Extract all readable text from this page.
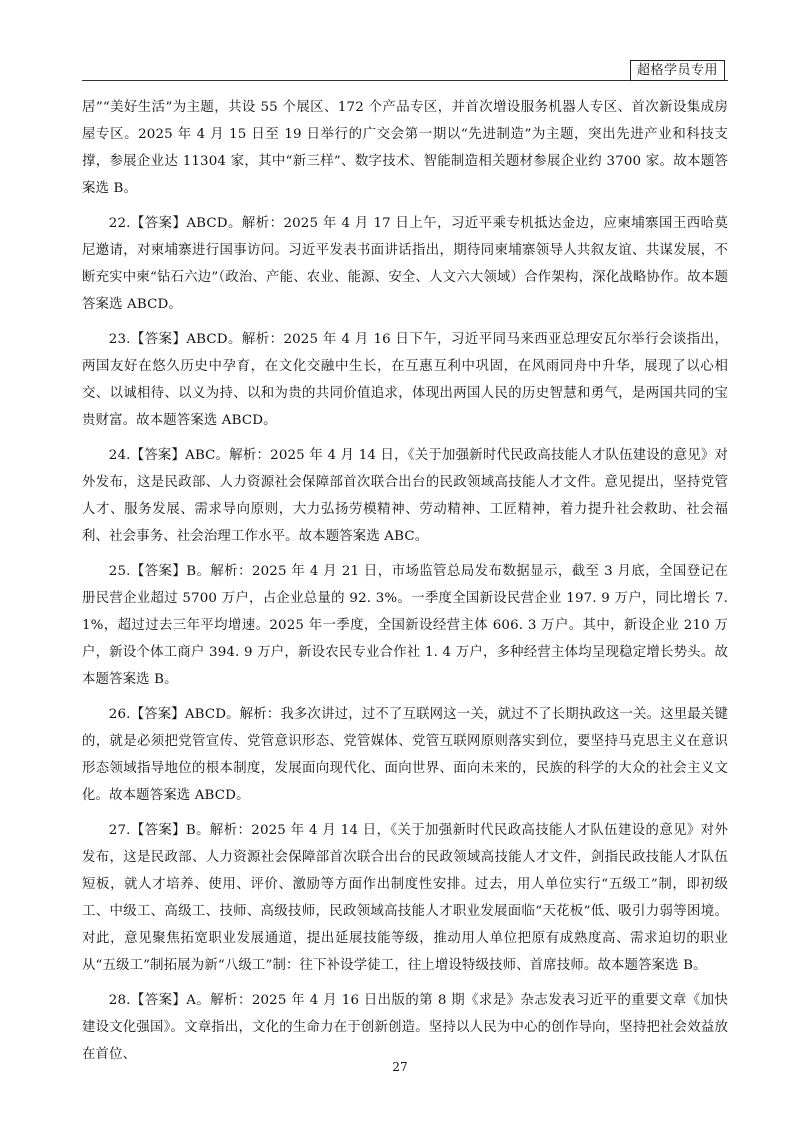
超格学员专用

居”“美好生活”为主题，共设 55 个展区、172 个产品专区，并首次增设服务机器人专区、首次新设集成房屋专区。2025 年 4 月 15 日至 19 日举行的广交会第一期以“先进制造”为主题，突出先进产业和科技支撑，参展企业达 11304 家，其中“新三样”、数字技术、智能制造相关题材参展企业约 3700 家。故本题答案选 B。

22.【答案】ABCD。解析：2025 年 4 月 17 日上午，习近平乘专机抵达金边，应柬埔寨国王西哈莫尼邀请，对柬埔寨进行国事访问。习近平发表书面讲话指出，期待同柬埔寨领导人共叙友谊、共谋发展，不断充实中柬“钻石六边”（政治、产能、农业、能源、安全、人文六大领域）合作架构，深化战略协作。故本题答案选 ABCD。

23.【答案】ABCD。解析：2025 年 4 月 16 日下午，习近平同马来西亚总理安瓦尔举行会谈指出，两国友好在悠久历史中孕育，在文化交融中生长，在互惠互利中巩固，在风雨同舟中升华，展现了以心相交、以诚相待、以义为持、以和为贵的共同价值追求，体现出两国人民的历史智慧和勇气，是两国共同的宝贵财富。故本题答案选 ABCD。

24.【答案】ABC。解析：2025 年 4 月 14 日，《关于加强新时代民政高技能人才队伍建设的意见》对外发布，这是民政部、人力资源社会保障部首次联合出台的民政领域高技能人才文件。意见提出，坚持党管人才、服务发展、需求导向原则，大力弘扬劳模精神、劳动精神、工匠精神，着力提升社会救助、社会福利、社会事务、社会治理工作水平。故本题答案选 ABC。

25.【答案】B。解析：2025 年 4 月 21 日，市场监管总局发布数据显示，截至 3 月底，全国登记在册民营企业超过 5700 万户，占企业总量的 92. 3%。一季度全国新设民营企业 197. 9 万户，同比增长 7. 1%，超过过去三年平均增速。2025 年一季度，全国新设经营主体 606. 3 万户。其中，新设企业 210 万户，新设个体工商户 394. 9 万户，新设农民专业合作社 1. 4 万户，多种经营主体均呈现稳定增长势头。故本题答案选 B。

26.【答案】ABCD。解析：我多次讲过，过不了互联网这一关，就过不了长期执政这一关。这里最关键的，就是必须把党管宣传、党管意识形态、党管媒体、党管互联网原则落实到位，要坚持马克思主义在意识形态领域指导地位的根本制度，发展面向现代化、面向世界、面向未来的，民族的科学的大众的社会主义文化。故本题答案选 ABCD。

27.【答案】B。解析：2025 年 4 月 14 日，《关于加强新时代民政高技能人才队伍建设的意见》对外发布，这是民政部、人力资源社会保障部首次联合出台的民政领域高技能人才文件，剑指民政技能人才队伍短板，就人才培养、使用、评价、激励等方面作出制度性安排。过去，用人单位实行“五级工”制，即初级工、中级工、高级工、技师、高级技师，民政领域高技能人才职业发展面临“天花板”低、吸引力弱等困境。对此，意见聚焦拓宽职业发展通道，提出延展技能等级，推动用人单位把原有成熟度高、需求迫切的职业从“五级工”制拓展为新“八级工”制：往下补设学徒工，往上增设特级技师、首席技师。故本题答案选 B。

28.【答案】A。解析：2025 年 4 月 16 日出版的第 8 期《求是》杂志发表习近平的重要文章《加快建设文化强国》。文章指出，文化的生命力在于创新创造。坚持以人民为中心的创作导向，坚持把社会效益放在首位、

27
